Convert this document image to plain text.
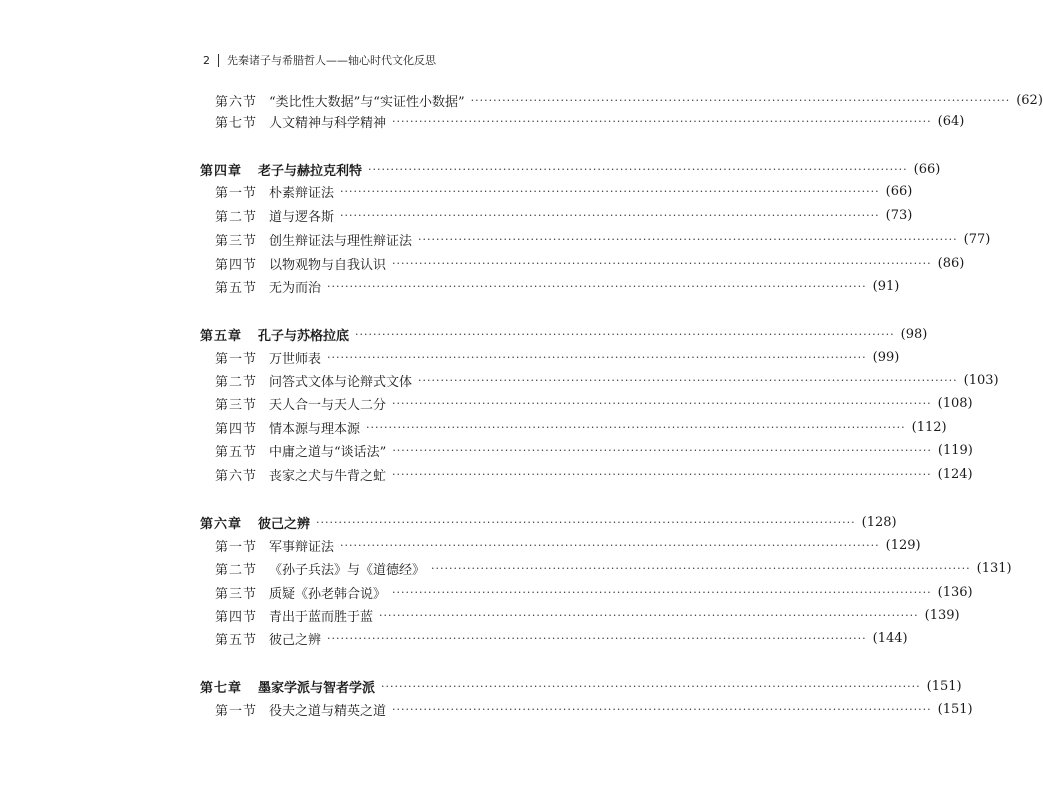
2 先秦诸子与希腊哲人——轴心时代文化反思
第六节 “类比性大数据”与“实证性小数据” ························································································································ (62)
第七节 人文精神与科学精神 ························································································································ (64)
第四章 老子与赫拉克利特 ························································································································ (66)
第一节 朴素辩证法 ························································································································ (66)
第二节 道与逻各斯 ························································································································ (73)
第三节 创生辩证法与理性辩证法 ························································································································ (77)
第四节 以物观物与自我认识 ························································································································ (86)
第五节 无为而治 ························································································································ (91)
第五章 孔子与苏格拉底 ························································································································ (98)
第一节 万世师表 ························································································································ (99)
第二节 问答式文体与论辩式文体 ························································································································ (103)
第三节 天人合一与天人二分 ························································································································ (108)
第四节 情本源与理本源 ························································································································ (112)
第五节 中庸之道与“谈话法” ························································································································ (119)
第六节 丧家之犬与牛背之虻 ························································································································ (124)
第六章 彼己之辨 ························································································································ (128)
第一节 军事辩证法 ························································································································ (129)
第二节 《孙子兵法》与《道德经》 ························································································································ (131)
第三节 质疑《孙老韩合说》 ························································································································ (136)
第四节 青出于蓝而胜于蓝 ························································································································ (139)
第五节 彼己之辨 ························································································································ (144)
第七章 墨家学派与智者学派 ························································································································ (151)
第一节 役夫之道与精英之道 ························································································································ (151)
